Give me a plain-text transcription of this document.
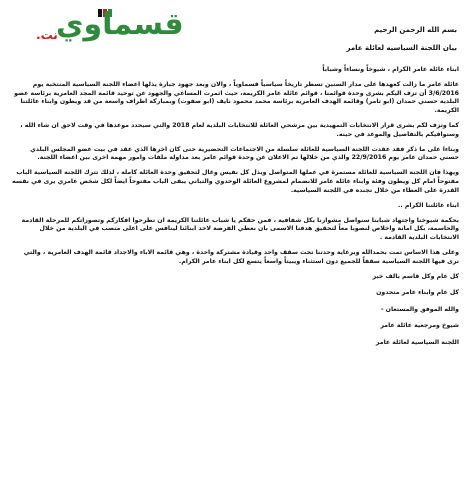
قسماوي
.نت	بسم الله الرحمن الرحيم
بيان اللجنة السياسيه لعائلة عامر

ابناء عائلة عامر الكرام ، شيوخاً ونساءاً وشباباً

عائلة عامر ما زالت كعهدها على مدار السنين تسطر تاريخاً سياسياً قسماوياً ، والان وبعد جهود جبارة يذلها اعضاء اللجنة السياسية المنتخبة يوم 3/6/2016 أن تزف اليكم بشرى وحدة قوائمنا ، قوائم عائلة عامر الكريمة، حيث اثمرت المساعي والجهود عن توحيد قائمة المجد العامرية برئاسة عضو البلدية حسني حمدان (ابو تامر) وقائمة الهدف العامرية برئاسة محمد محمود نايف (ابو صفوت) وبمباركة اطراف واسعة من قد ويطون وابناء عائلتنا الكريمة.

كما وتزف لكم بشرى قرار الانتخابات التمهيدية بين مرشحي العائلة للانتخابات البلدية لعام 2018 والتي سيحدد موعدها في وقت لاحق ان شاء الله ، وستوافيكم بالتفاصيل والموعد في حينه.

وبناءا على ما ذكر فقد عقدت اللجنة السياسية للعائلة سلسلة من الاجتماعات التحضيرية حتى كان اخرها الذي عقد في بيت عضو المجلس البلدي حسني حمدان عامر يوم 22/9/2016 والذي من خلالها تم الاعلان عن وحدة قوائم عامر بعد مداولة ملفات وامور مهمة اخرى بين اعضاء اللجنة.

ويهذا فان اللجنة السياسية للعائلة مستمرة في عملها المتواصل ويذل كل نفيس وغال لتحقيق وحدة العائلة كاملة ، لذلك تترك اللجنة السياسية الباب مفتوحاً امام كل ويطون وفئة وابناء عائلة عامر للانضمام لمشروع العائلة الوحدوي والتباني يبقى الباب مفتوحاً ايضاً لكل شخص عامري يرى في نفسه القدرة على العطاء من خلال تجنده في اللجنة السياسية.

ابناء عائلتنا الكرام ..

بحكمة شيوخنا واجتهاد شبابنا سنواصل مشوارنا بكل شفافية ، فمن حقكم يا شباب عائلتنا الكريمة ان تطرحوا افكاركم وتصوراتكم للمرحلة القادمة والحاسمة، بكل امانة واخلاص لنصوبا معاً لتحقيق هدفنا الاسمى بان نعطي الفرصة لاحد ابنائنا لينافس على اعلى منصب في البلدية من خلال الانتخابات البلدية القادمة .

وعلى هذا الاساس تمت بحمدالله وبرعاية وحدتنا تحت سقف واحد وقيادة مشتركة واحدة ، وهي قائمة الاباء والاجداد قائمة الهدف العامرية ، والتي ترى فيها اللجنة السياسية سقفاً للجميع دون استثناء ويبيتاً واسعاً يتسع لكل ابناء عامر الكرام.

كل عام وكل قاسم بالف خير

كل عام وابناء عامر متحدون

والله الموفق والمستعان -

شيوخ ومرجعية عائلة عامر

اللجنة السياسية لعائلة عامر
